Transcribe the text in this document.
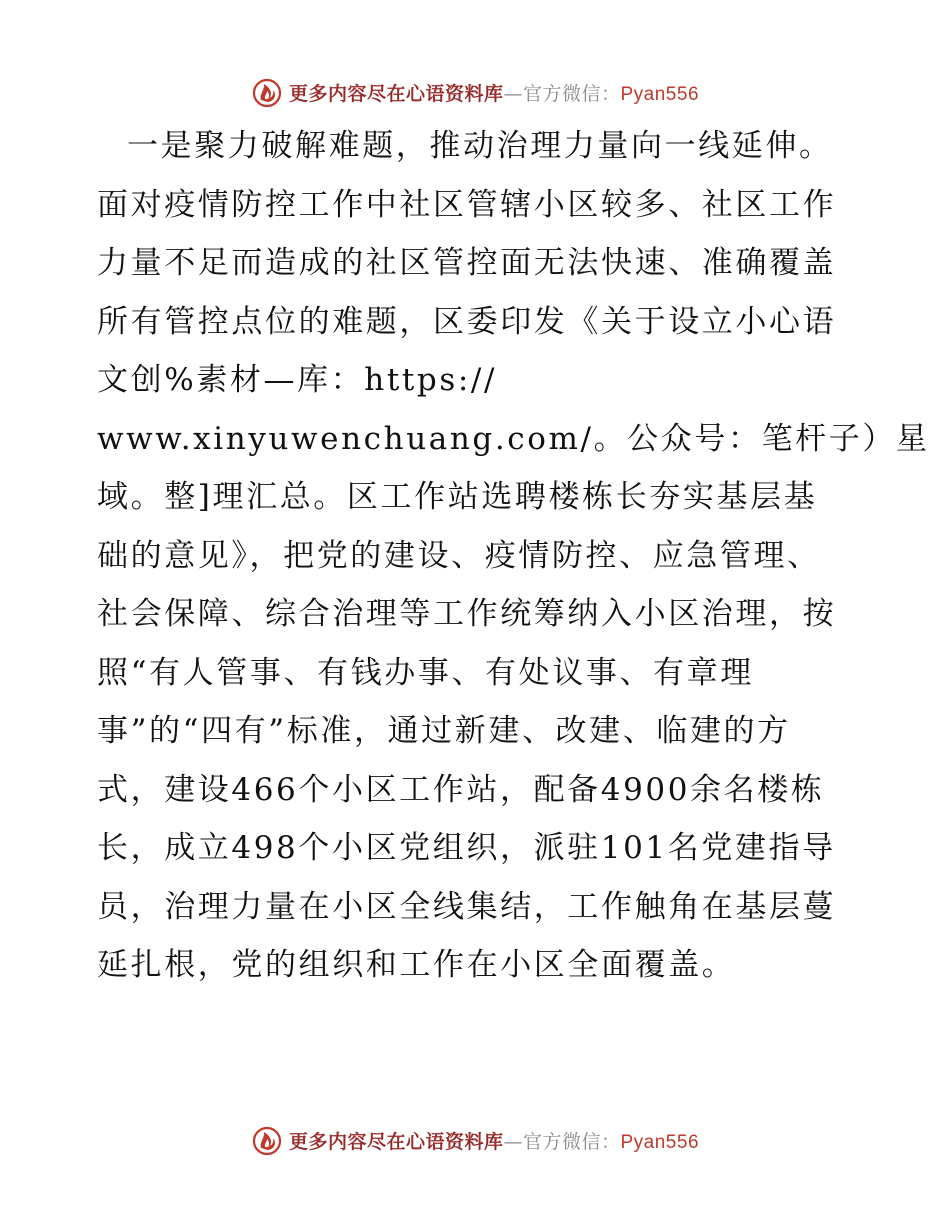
更多内容尽在心语资料库—官方微信：Pyan556
一是聚力破解难题，推动治理力量向一线延伸。
面对疫情防控工作中社区管辖小区较多、社区工作
力量不足而造成的社区管控面无法快速、准确覆盖
所有管控点位的难题，区委印发《关于设立小心语
文创%素材—库：https://
www.xinyuwenchuang.com/。公众号：笔杆子）星
域。整]理汇总。区工作站选聘楼栋长夯实基层基
础的意见》，把党的建设、疫情防控、应急管理、
社会保障、综合治理等工作统筹纳入小区治理，按
照“有人管事、有钱办事、有处议事、有章理
事”的“四有”标准，通过新建、改建、临建的方
式，建设466个小区工作站，配备4900余名楼栋
长，成立498个小区党组织，派驻101名党建指导
员，治理力量在小区全线集结，工作触角在基层蔓
延扎根，党的组织和工作在小区全面覆盖。
更多内容尽在心语资料库—官方微信：Pyan556
